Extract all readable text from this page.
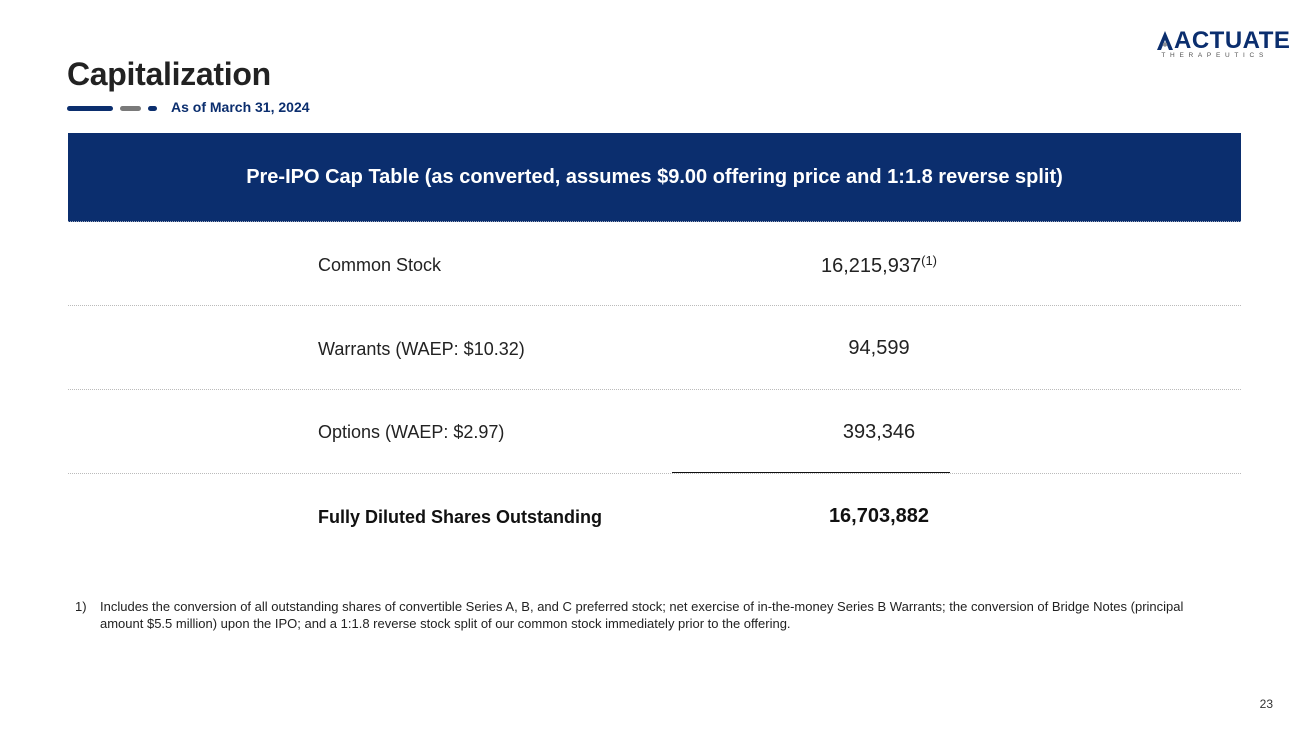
Capitalization
As of March 31, 2024
ACTUATE
THERAPEUTICS
Pre-IPO Cap Table (as converted, assumes $9.00 offering price and 1:1.8 reverse split)
Common Stock	16,215,937$^{(1)}$
Warrants (WAEP: $10.32)	94,599
Options (WAEP: $2.97)	393,346
Fully Diluted Shares Outstanding	16,703,882
1) Includes the conversion of all outstanding shares of convertible Series A, B, and C preferred stock; net exercise of in-the-money Series B Warrants; the conversion of Bridge Notes (principal amount $5.5 million) upon the IPO; and a 1:1.8 reverse stock split of our common stock immediately prior to the offering.
23
